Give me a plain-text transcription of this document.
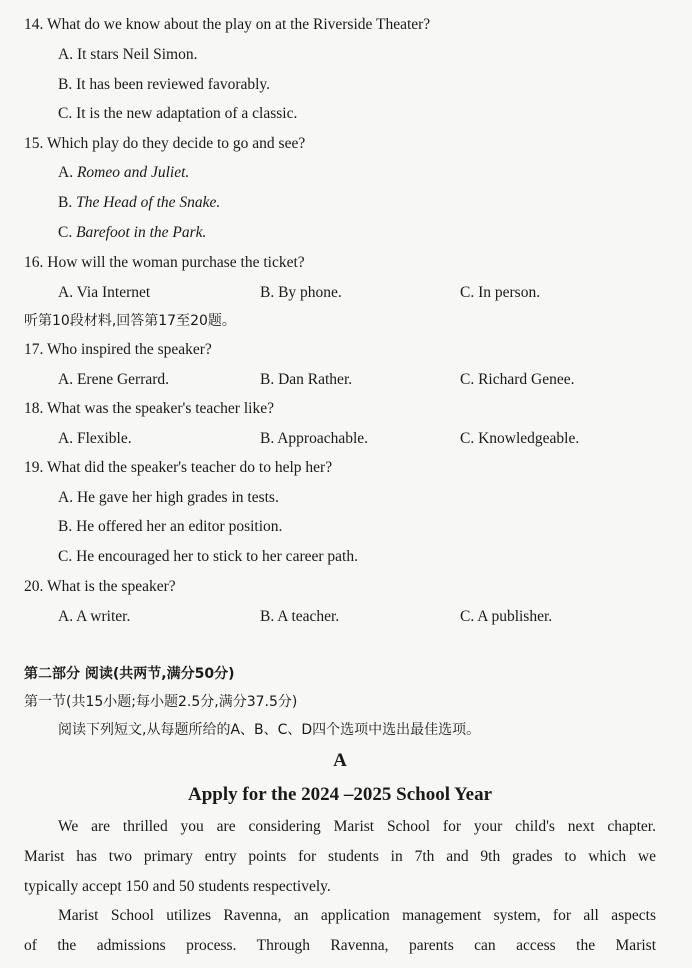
14. What do we know about the play on at the Riverside Theater?
A. It stars Neil Simon.
B. It has been reviewed favorably.
C. It is the new adaptation of a classic.
15. Which play do they decide to go and see?
A. Romeo and Juliet.
B. The Head of the Snake.
C. Barefoot in the Park.
16. How will the woman purchase the ticket?
A. Via Internet	B. By phone.	C. In person.
听第10段材料,回答第17至20题。
17. Who inspired the speaker?
A. Erene Gerrard.	B. Dan Rather.	C. Richard Genee.
18. What was the speaker's teacher like?
A. Flexible.	B. Approachable.	C. Knowledgeable.
19. What did the speaker's teacher do to help her?
A. He gave her high grades in tests.
B. He offered her an editor position.
C. He encouraged her to stick to her career path.
20. What is the speaker?
A. A writer.	B. A teacher.	C. A publisher.
第二部分 阅读(共两节,满分50分)
第一节(共15小题;每小题2.5分,满分37.5分)
阅读下列短文,从每题所给的A、B、C、D四个选项中选出最佳选项。
A
Apply for the 2024 –2025 School Year
We are thrilled you are considering Marist School for your child's next chapter.
Marist has two primary entry points for students in 7th and 9th grades to which we
typically accept 150 and 50 students respectively.
Marist School utilizes Ravenna, an application management system, for all aspects
of the admissions process. Through Ravenna, parents can access the Marist
